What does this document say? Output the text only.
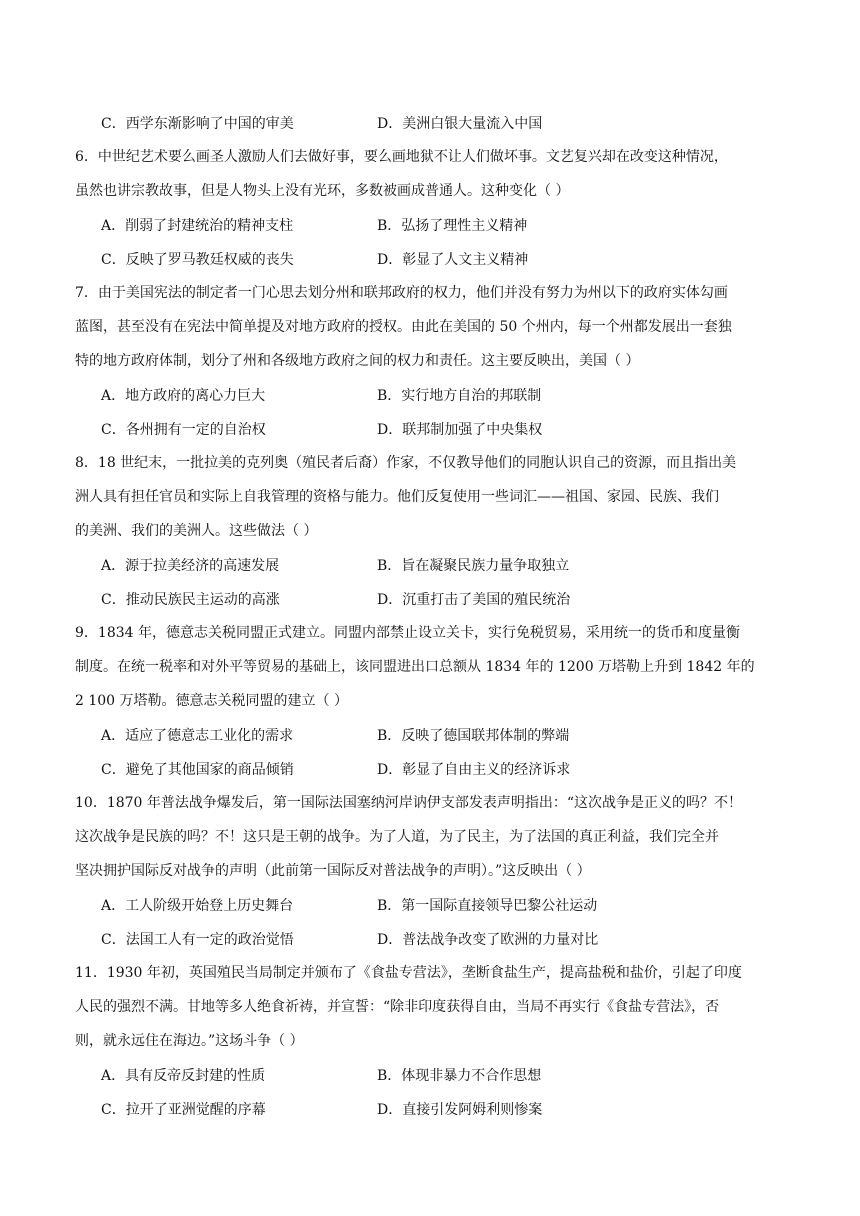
C．西学东渐影响了中国的审美	D．美洲白银大量流入中国
6．中世纪艺术要么画圣人激励人们去做好事，要么画地狱不让人们做坏事。文艺复兴却在改变这种情况，
虽然也讲宗教故事，但是人物头上没有光环，多数被画成普通人。这种变化（ ）
A．削弱了封建统治的精神支柱	B．弘扬了理性主义精神
C．反映了罗马教廷权威的丧失	D．彰显了人文主义精神
7．由于美国宪法的制定者一门心思去划分州和联邦政府的权力，他们并没有努力为州以下的政府实体勾画
蓝图，甚至没有在宪法中简单提及对地方政府的授权。由此在美国的 50 个州内，每一个州都发展出一套独
特的地方政府体制，划分了州和各级地方政府之间的权力和责任。这主要反映出，美国（ ）
A．地方政府的离心力巨大	B．实行地方自治的邦联制
C．各州拥有一定的自治权	D．联邦制加强了中央集权
8．18 世纪末，一批拉美的克列奥（殖民者后裔）作家，不仅教导他们的同胞认识自己的资源，而且指出美
洲人具有担任官员和实际上自我管理的资格与能力。他们反复使用一些词汇——祖国、家园、民族、我们
的美洲、我们的美洲人。这些做法（ ）
A．源于拉美经济的高速发展	B．旨在凝聚民族力量争取独立
C．推动民族民主运动的高涨	D．沉重打击了美国的殖民统治
9．1834 年，德意志关税同盟正式建立。同盟内部禁止设立关卡，实行免税贸易，采用统一的货币和度量衡
制度。在统一税率和对外平等贸易的基础上，该同盟进出口总额从 1834 年的 1200 万塔勒上升到 1842 年的
2 100 万塔勒。德意志关税同盟的建立（ ）
A．适应了德意志工业化的需求	B．反映了德国联邦体制的弊端
C．避免了其他国家的商品倾销	D．彰显了自由主义的经济诉求
10．1870 年普法战争爆发后，第一国际法国塞纳河岸讷伊支部发表声明指出：“这次战争是正义的吗？不！
这次战争是民族的吗？不！这只是王朝的战争。为了人道，为了民主，为了法国的真正利益，我们完全并
坚决拥护国际反对战争的声明（此前第一国际反对普法战争的声明）。”这反映出（ ）
A．工人阶级开始登上历史舞台	B．第一国际直接领导巴黎公社运动
C．法国工人有一定的政治觉悟	D．普法战争改变了欧洲的力量对比
11．1930 年初，英国殖民当局制定并颁布了《食盐专营法》，垄断食盐生产，提高盐税和盐价，引起了印度
人民的强烈不满。甘地等多人绝食祈祷，并宣誓：“除非印度获得自由，当局不再实行《食盐专营法》，否
则，就永远住在海边。”这场斗争（ ）
A．具有反帝反封建的性质	B．体现非暴力不合作思想
C．拉开了亚洲觉醒的序幕	D．直接引发阿姆利则惨案
